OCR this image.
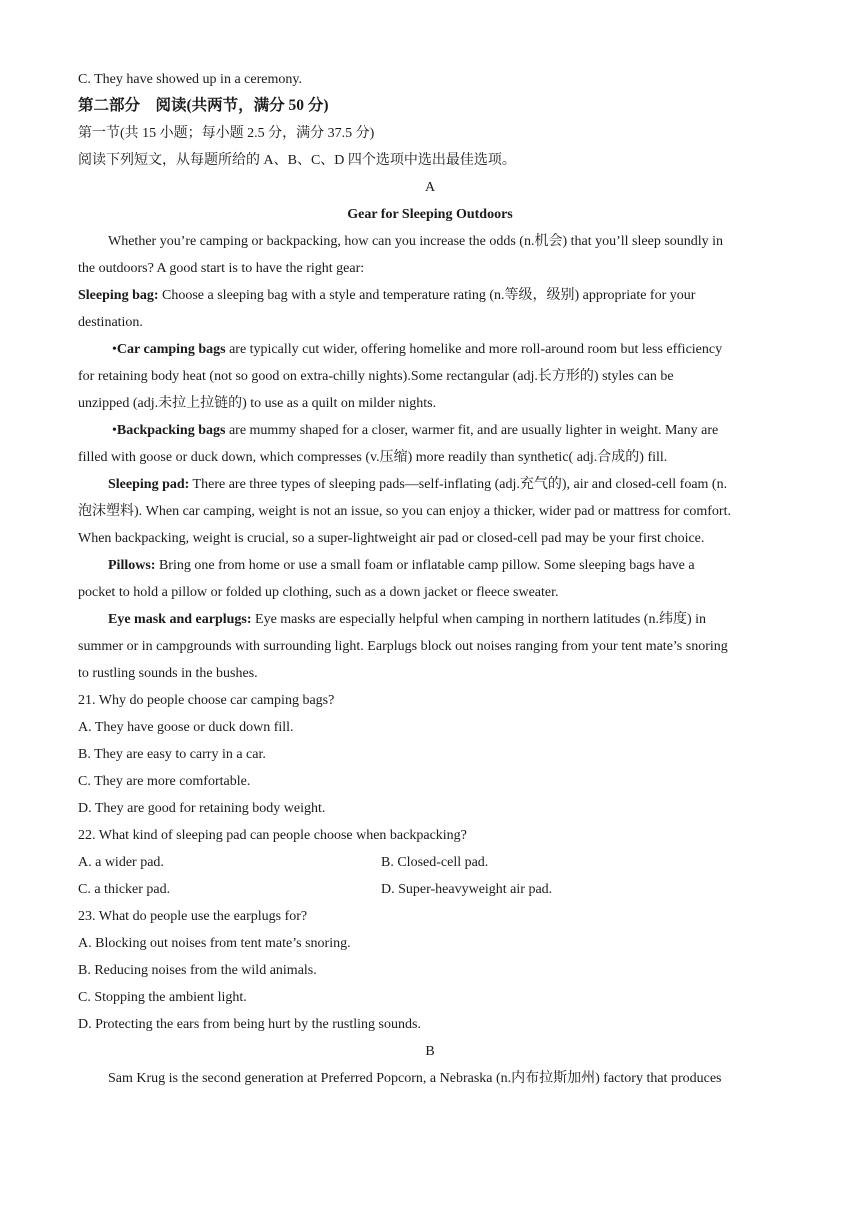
C. They have showed up in a ceremony.
第二部分　阅读(共两节，满分 50 分)
第一节(共 15 小题；每小题 2.5 分，满分 37.5 分)
阅读下列短文，从每题所给的 A、B、C、D 四个选项中选出最佳选项。
A
Gear for Sleeping Outdoors
Whether you’re camping or backpacking, how can you increase the odds (n.机会) that you’ll sleep soundly in
the outdoors? A good start is to have the right gear:
Sleeping bag: Choose a sleeping bag with a style and temperature rating (n.等级，级别) appropriate for your
destination.
•Car camping bags are typically cut wider, offering homelike and more roll-around room but less efficiency
for retaining body heat (not so good on extra-chilly nights).Some rectangular (adj.长方形的) styles can be
unzipped (adj.未拉上拉链的) to use as a quilt on milder nights.
•Backpacking bags are mummy shaped for a closer, warmer fit, and are usually lighter in weight. Many are
filled with goose or duck down, which compresses (v.压缩) more readily than synthetic( adj.合成的) fill.
Sleeping pad: There are three types of sleeping pads—self-inflating (adj.充气的), air and closed-cell foam (n.
泡沫塑料). When car camping, weight is not an issue, so you can enjoy a thicker, wider pad or mattress for comfort.
When backpacking, weight is crucial, so a super-lightweight air pad or closed-cell pad may be your first choice.
Pillows: Bring one from home or use a small foam or inflatable camp pillow. Some sleeping bags have a
pocket to hold a pillow or folded up clothing, such as a down jacket or fleece sweater.
Eye mask and earplugs: Eye masks are especially helpful when camping in northern latitudes (n.纬度) in
summer or in campgrounds with surrounding light. Earplugs block out noises ranging from your tent mate’s snoring
to rustling sounds in the bushes.
21. Why do people choose car camping bags?
A. They have goose or duck down fill.
B. They are easy to carry in a car.
C. They are more comfortable.
D. They are good for retaining body weight.
22. What kind of sleeping pad can people choose when backpacking?
A. a wider pad.	B. Closed-cell pad.
C. a thicker pad.	D. Super-heavyweight air pad.
23. What do people use the earplugs for?
A. Blocking out noises from tent mate’s snoring.
B. Reducing noises from the wild animals.
C. Stopping the ambient light.
D. Protecting the ears from being hurt by the rustling sounds.
B
Sam Krug is the second generation at Preferred Popcorn, a Nebraska (n.内布拉斯加州) factory that produces
